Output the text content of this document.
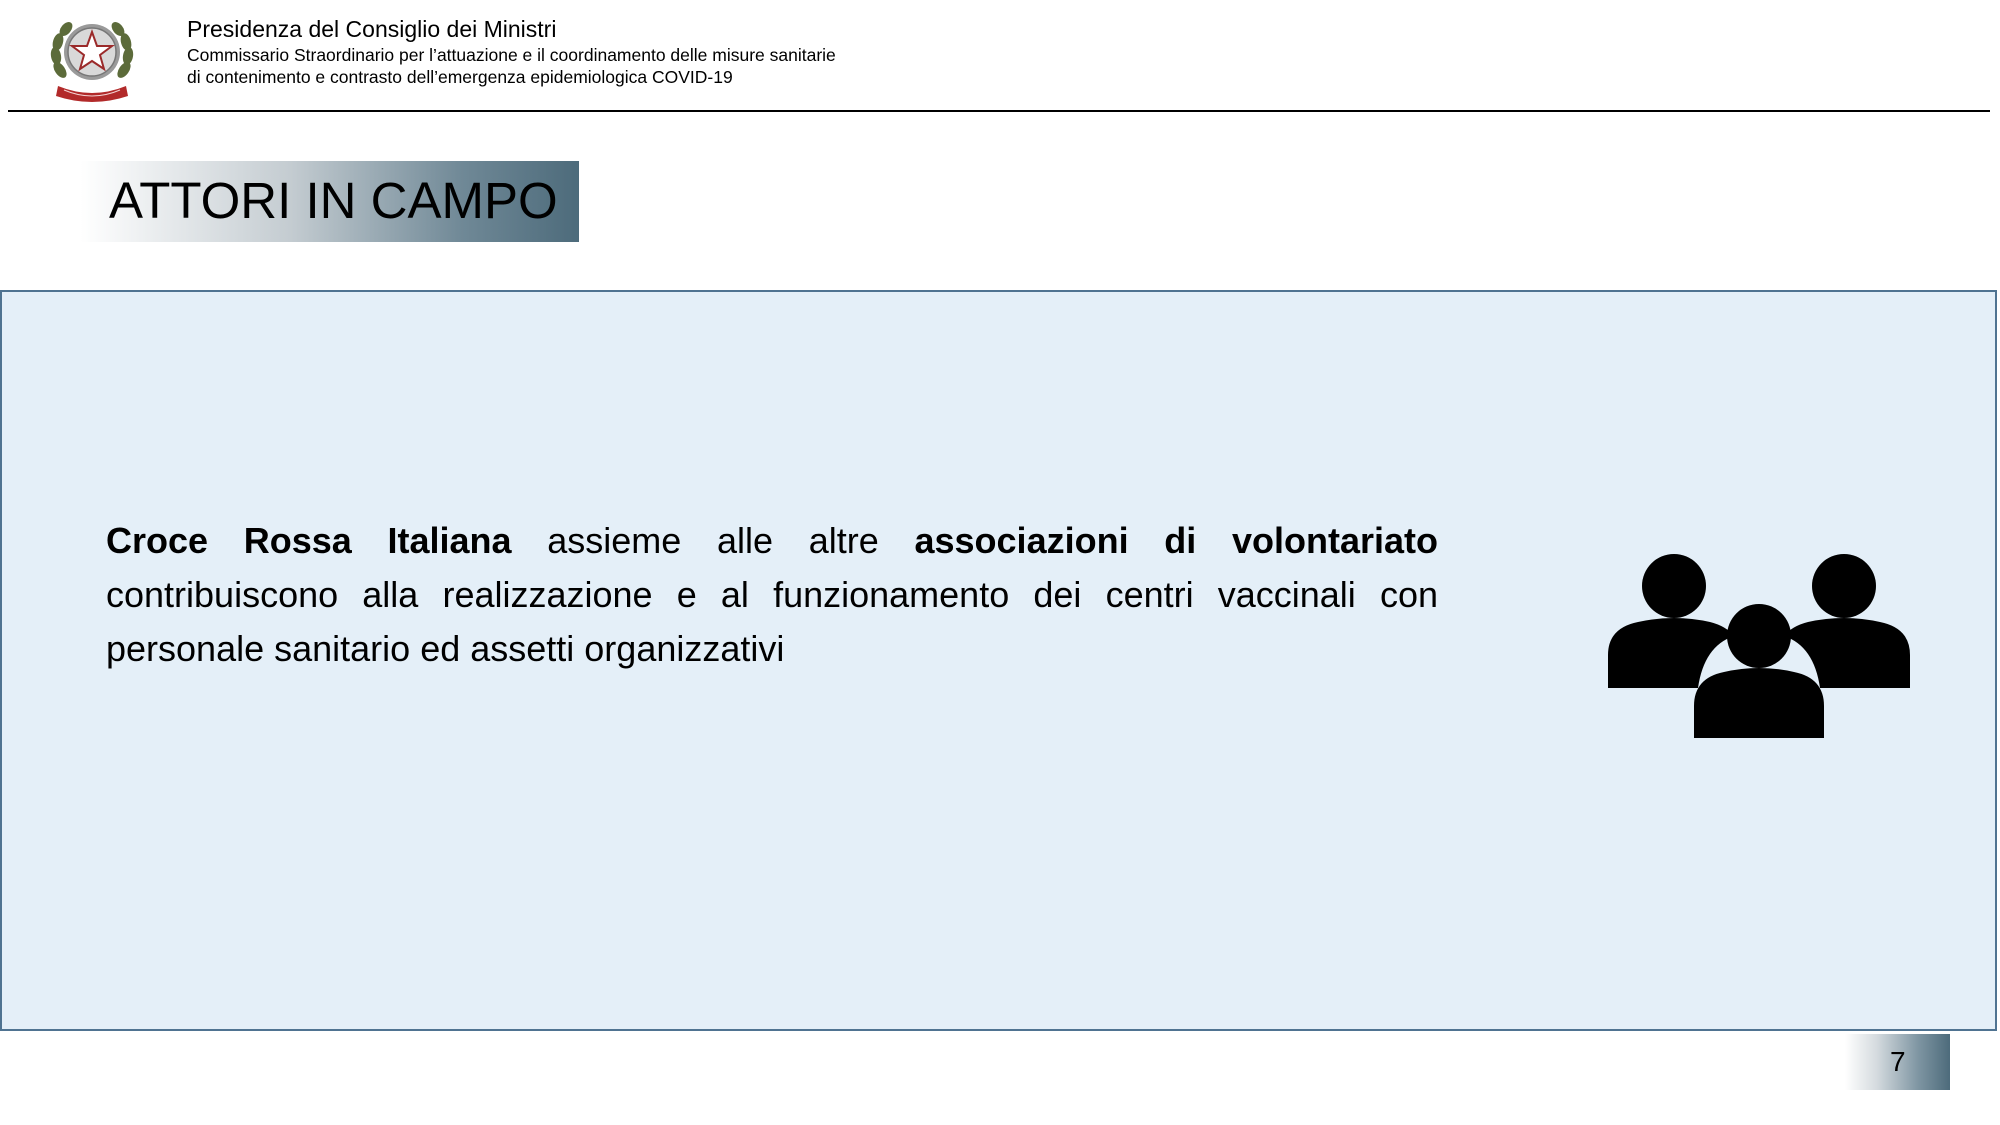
Presidenza del Consiglio dei Ministri
Commissario Straordinario per l’attuazione e il coordinamento delle misure sanitarie
di contenimento e contrasto dell’emergenza epidemiologica COVID-19
ATTORI IN CAMPO
Croce Rossa Italiana assieme alle altre associazioni di volontariato contribuiscono alla realizzazione e al funzionamento dei centri vaccinali con personale sanitario ed assetti organizzativi
7
